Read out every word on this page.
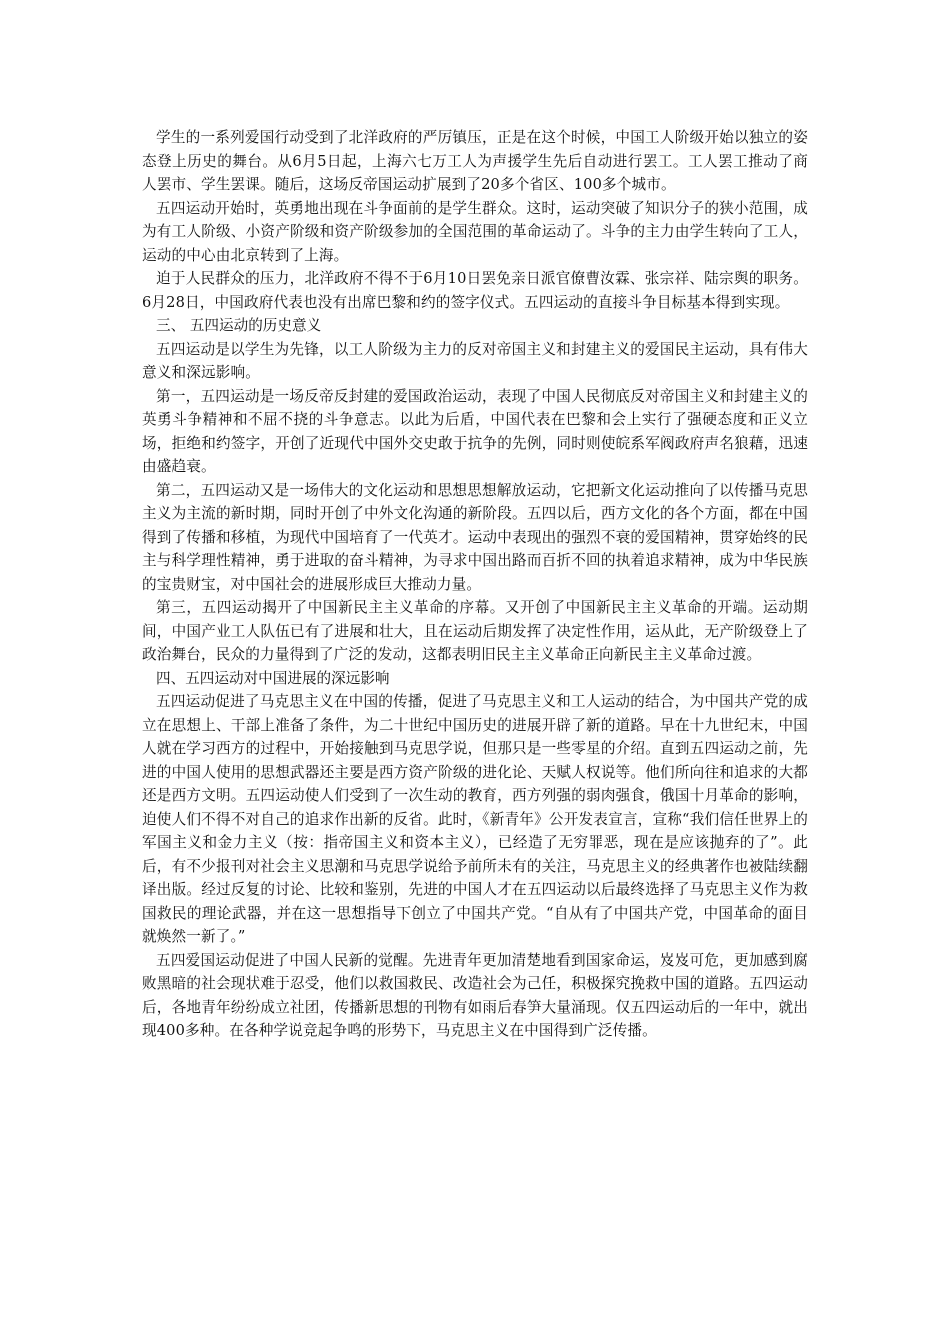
学生的一系列爱国行动受到了北洋政府的严厉镇压，正是在这个时候，中国工人阶级开始以独立的姿态登上历史的舞台。从6月5日起，上海六七万工人为声援学生先后自动进行罢工。工人罢工推动了商人罢市、学生罢课。随后，这场反帝国运动扩展到了20多个省区、100多个城市。

五四运动开始时，英勇地出现在斗争面前的是学生群众。这时，运动突破了知识分子的狭小范围，成为有工人阶级、小资产阶级和资产阶级参加的全国范围的革命运动了。斗争的主力由学生转向了工人，运动的中心由北京转到了上海。

迫于人民群众的压力，北洋政府不得不于6月10日罢免亲日派官僚曹汝霖、张宗祥、陆宗舆的职务。6月28日，中国政府代表也没有出席巴黎和约的签字仪式。五四运动的直接斗争目标基本得到实现。

三、 五四运动的历史意义

五四运动是以学生为先锋，以工人阶级为主力的反对帝国主义和封建主义的爱国民主运动，具有伟大意义和深远影响。

第一，五四运动是一场反帝反封建的爱国政治运动，表现了中国人民彻底反对帝国主义和封建主义的英勇斗争精神和不屈不挠的斗争意志。以此为后盾，中国代表在巴黎和会上实行了强硬态度和正义立场，拒绝和约签字，开创了近现代中国外交史敢于抗争的先例，同时则使皖系军阀政府声名狼藉，迅速由盛趋衰。

第二，五四运动又是一场伟大的文化运动和思想思想解放运动，它把新文化运动推向了以传播马克思主义为主流的新时期，同时开创了中外文化沟通的新阶段。五四以后，西方文化的各个方面，都在中国得到了传播和移植，为现代中国培育了一代英才。运动中表现出的强烈不衰的爱国精神，贯穿始终的民主与科学理性精神，勇于进取的奋斗精神，为寻求中国出路而百折不回的执着追求精神，成为中华民族的宝贵财宝，对中国社会的进展形成巨大推动力量。

第三，五四运动揭开了中国新民主主义革命的序幕。又开创了中国新民主主义革命的开端。运动期间，中国产业工人队伍已有了进展和壮大，且在运动后期发挥了决定性作用，运从此，无产阶级登上了政治舞台，民众的力量得到了广泛的发动，这都表明旧民主主义革命正向新民主主义革命过渡。

四、五四运动对中国进展的深远影响

五四运动促进了马克思主义在中国的传播，促进了马克思主义和工人运动的结合，为中国共产党的成立在思想上、干部上准备了条件，为二十世纪中国历史的进展开辟了新的道路。早在十九世纪末，中国人就在学习西方的过程中，开始接触到马克思学说，但那只是一些零星的介绍。直到五四运动之前，先进的中国人使用的思想武器还主要是西方资产阶级的进化论、天赋人权说等。他们所向往和追求的大都还是西方文明。五四运动使人们受到了一次生动的教育，西方列强的弱肉强食，俄国十月革命的影响，迫使人们不得不对自己的追求作出新的反省。此时，《新青年》公开发表宣言，宣称“我们信任世界上的军国主义和金力主义（按：指帝国主义和资本主义），已经造了无穷罪恶，现在是应该抛弃的了”。此后，有不少报刊对社会主义思潮和马克思学说给予前所未有的关注，马克思主义的经典著作也被陆续翻译出版。经过反复的讨论、比较和鉴别，先进的中国人才在五四运动以后最终选择了马克思主义作为救国救民的理论武器，并在这一思想指导下创立了中国共产党。“自从有了中国共产党，中国革命的面目就焕然一新了。”

五四爱国运动促进了中国人民新的觉醒。先进青年更加清楚地看到国家命运，岌岌可危，更加感到腐败黑暗的社会现状难于忍受，他们以救国救民、改造社会为己任，积极探究挽救中国的道路。五四运动后，各地青年纷纷成立社团，传播新思想的刊物有如雨后春笋大量涌现。仅五四运动后的一年中，就出现400多种。在各种学说竞起争鸣的形势下，马克思主义在中国得到广泛传播。
